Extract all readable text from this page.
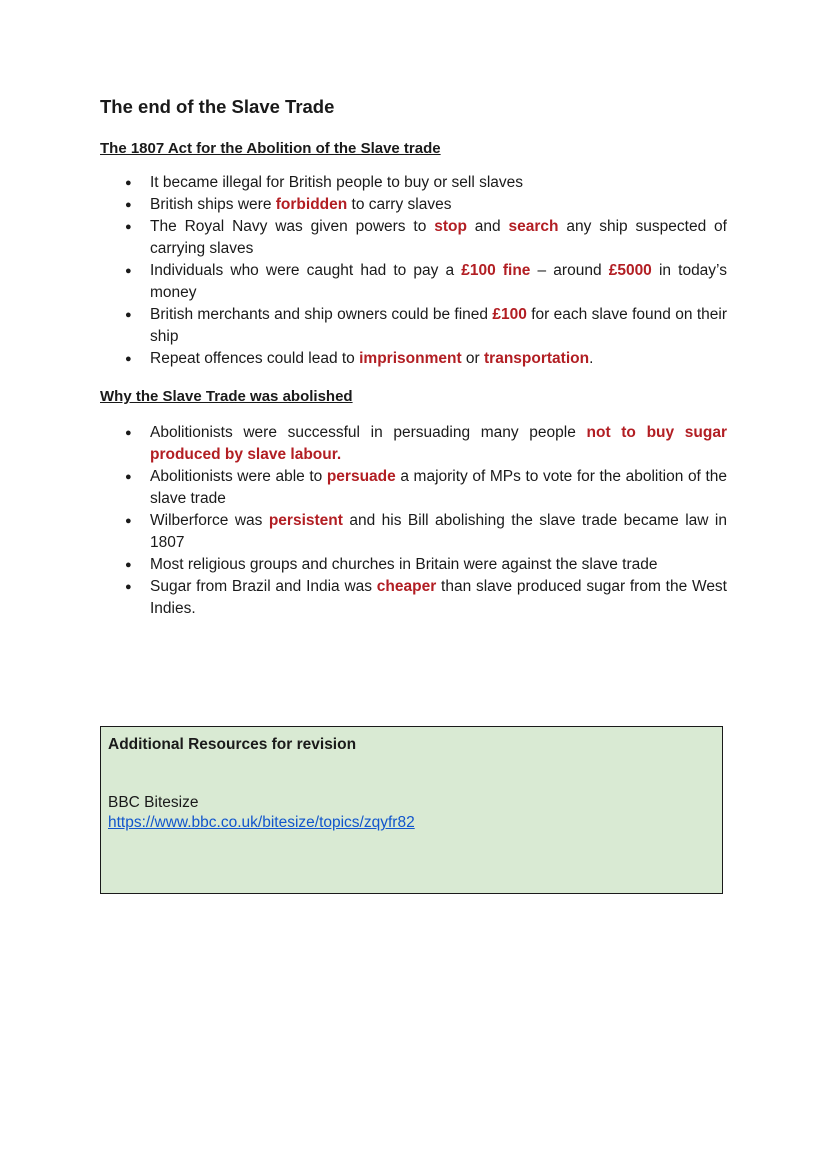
The end of the Slave Trade
The 1807 Act for the Abolition of the Slave trade
● It became illegal for British people to buy or sell slaves
● British ships were forbidden to carry slaves
● The Royal Navy was given powers to stop and search any ship suspected of carrying slaves
● Individuals who were caught had to pay a £100 fine – around £5000 in today’s money
● British merchants and ship owners could be fined £100 for each slave found on their ship
● Repeat offences could lead to imprisonment or transportation.
Why the Slave Trade was abolished
● Abolitionists were successful in persuading many people not to buy sugar produced by slave labour.
● Abolitionists were able to persuade a majority of MPs to vote for the abolition of the slave trade
● Wilberforce was persistent and his Bill abolishing the slave trade became law in 1807
● Most religious groups and churches in Britain were against the slave trade
● Sugar from Brazil and India was cheaper than slave produced sugar from the West Indies.
Additional Resources for revision
BBC Bitesize
https://www.bbc.co.uk/bitesize/topics/zqyfr82
